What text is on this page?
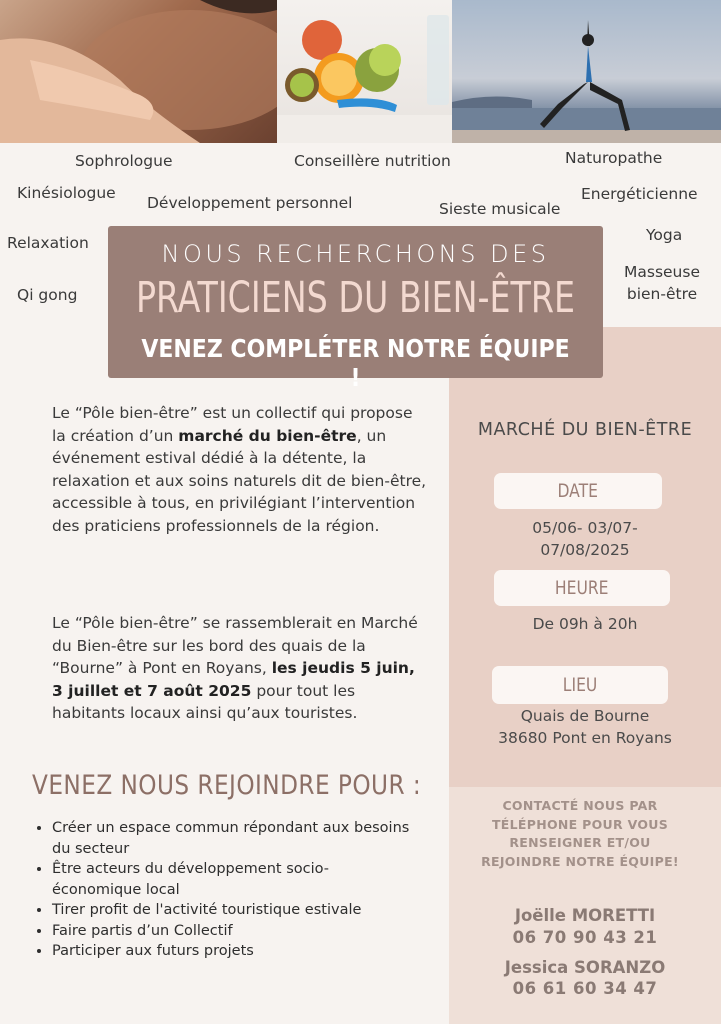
Sophrologue	Conseillère nutrition	Naturopathe
Kinésiologue
Développement personnel	Sieste musicale
Energéticienne
Relaxation	Yoga
Qi gong
Masseuse
bien-être
NOUS RECHERCHONS DES
PRATICIENS DU BIEN-ÊTRE
VENEZ COMPLÉTER NOTRE ÉQUIPE !
Le “Pôle bien-être” est un collectif qui propose la création d’un marché du bien-être, un événement estival dédié à la détente, la relaxation et aux soins naturels dit de bien-être, accessible à tous, en privilégiant l’intervention des praticiens professionnels de la région.
Le “Pôle bien-être” se rassemblerait en Marché du Bien-être sur les bord des quais de la “Bourne” à Pont en Royans, les jeudis 5 juin, 3 juillet et 7 août 2025 pour tout les habitants locaux ainsi qu’aux touristes.
VENEZ NOUS REJOINDRE POUR :
• Créer un espace commun répondant aux besoins du secteur
• Être acteurs du développement socio-économique local
• Tirer profit de l'activité touristique estivale
• Faire partis d’un Collectif
• Participer aux futurs projets
MARCHÉ DU BIEN-ÊTRE
DATE
05/06- 03/07-
07/08/2025
HEURE
De 09h à 20h
LIEU
Quais de Bourne
38680 Pont en Royans
CONTACTÉ NOUS PAR TÉLÉPHONE POUR VOUS RENSEIGNER ET/OU REJOINDRE NOTRE ÉQUIPE!
Joëlle MORETTI
06 70 90 43 21
Jessica SORANZO
06 61 60 34 47
